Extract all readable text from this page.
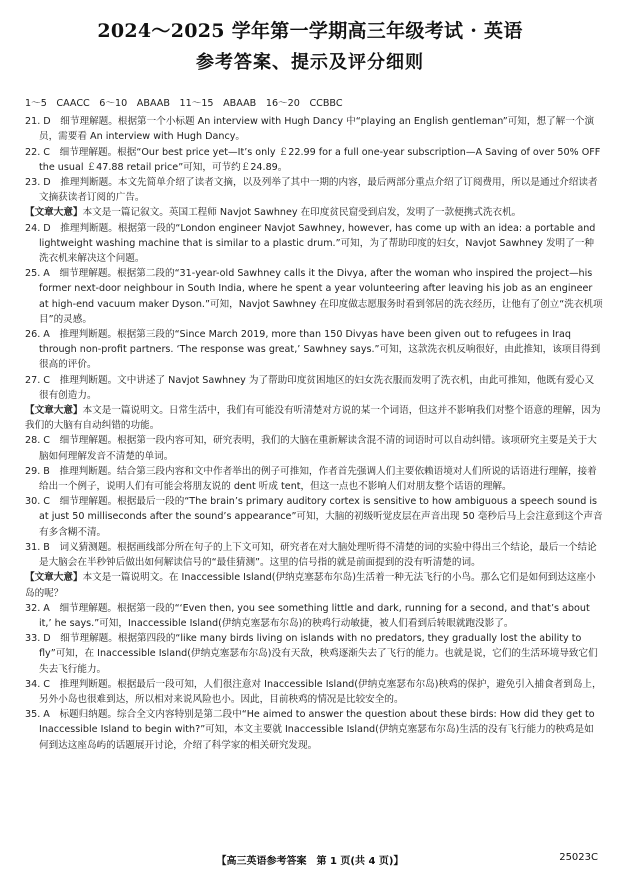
2024～2025 学年第一学期高三年级考试 · 英语
参考答案、提示及评分细则
1～5　CAACC　6～10　ABAAB　11～15　ABAAB　16～20　CCBBC
21. D　细节理解题。根据第一个小标题 An interview with Hugh Dancy 中“playing an English gentleman”可知，想了解一个演员，需要看 An interview with Hugh Dancy。
22. C　细节理解题。根据“Our best price yet—It’s only ￡22.99 for a full one-year subscription—A Saving of over 50% OFF the usual ￡47.88 retail price”可知，可节约￡24.89。
23. D　推理判断题。本文先简单介绍了读者文摘，以及列举了其中一期的内容，最后两部分重点介绍了订阅费用，所以是通过介绍读者文摘获读者订阅的广告。
【文章大意】本文是一篇记叙文。英国工程师 Navjot Sawhney 在印度贫民窟受到启发，发明了一款便携式洗衣机。
24. D　推理判断题。根据第一段的“London engineer Navjot Sawhney, however, has come up with an idea: a portable and lightweight washing machine that is similar to a plastic drum.”可知，为了帮助印度的妇女，Navjot Sawhney 发明了一种洗衣机来解决这个问题。
25. A　细节理解题。根据第二段的“31-year-old Sawhney calls it the Divya, after the woman who inspired the project—his former next-door neighbour in South India, where he spent a year volunteering after leaving his job as an engineer at high-end vacuum maker Dyson.”可知，Navjot Sawhney 在印度做志愿服务时看到邻居的洗衣经历，让他有了创立“洗衣机项目”的灵感。
26. A　推理判断题。根据第三段的“Since March 2019, more than 150 Divyas have been given out to refugees in Iraq through non-profit partners. ‘The response was great,’ Sawhney says.”可知，这款洗衣机反响很好，由此推知，该项目得到很高的评价。
27. C　推理判断题。文中讲述了 Navjot Sawhney 为了帮助印度贫困地区的妇女洗衣服而发明了洗衣机，由此可推知，他既有爱心又很有创造力。
【文章大意】本文是一篇说明文。日常生活中，我们有可能没有听清楚对方说的某一个词语，但这并不影响我们对整个语意的理解，因为我们的大脑有自动纠错的功能。
28. C　细节理解题。根据第一段内容可知，研究表明，我们的大脑在重新解读含混不清的词语时可以自动纠错。该项研究主要是关于大脑如何理解发音不清楚的单词。
29. B　推理判断题。结合第三段内容和文中作者举出的例子可推知，作者首先强调人们主要依赖语境对人们所说的话语进行理解，接着给出一个例子，说明人们有可能会将朋友说的 dent 听成 tent，但这一点也不影响人们对朋友整个话语的理解。
30. C　细节理解题。根据最后一段的“The brain’s primary auditory cortex is sensitive to how ambiguous a speech sound is at just 50 milliseconds after the sound’s appearance”可知，大脑的初级听觉皮层在声音出现 50 毫秒后马上会注意到这个声音有多含糊不清。
31. B　词义猜测题。根据画线部分所在句子的上下文可知，研究者在对大脑处理听得不清楚的词的实验中得出三个结论，最后一个结论是大脑会在半秒钟后做出如何解读信号的“最佳猜测”。这里的信号指的就是前面提到的没有听清楚的词。
【文章大意】本文是一篇说明文。在 Inaccessible Island(伊纳克塞瑟布尔岛)生活着一种无法飞行的小鸟。那么它们是如何到达这座小岛的呢？
32. A　细节理解题。根据第一段的“‘Even then, you see something little and dark, running for a second, and that’s about it,’ he says.”可知，Inaccessible Island(伊纳克塞瑟布尔岛)的秧鸡行动敏捷，被人们看到后转眼就跑没影了。
33. D　细节理解题。根据第四段的“like many birds living on islands with no predators, they gradually lost the ability to fly”可知，在 Inaccessible Island(伊纳克塞瑟布尔岛)没有天敌，秧鸡逐渐失去了飞行的能力。也就是说，它们的生活环境导致它们失去飞行能力。
34. C　推理判断题。根据最后一段可知，人们很注意对 Inaccessible Island(伊纳克塞瑟布尔岛)秧鸡的保护，避免引入捕食者到岛上，另外小岛也很难到达，所以相对来说风险也小。因此，目前秧鸡的情况是比较安全的。
35. A　标题归纳题。综合全文内容特别是第二段中“He aimed to answer the question about these birds: How did they get to Inaccessible Island to begin with?”可知，本文主要就 Inaccessible Island(伊纳克塞瑟布尔岛)生活的没有飞行能力的秧鸡是如何到达这座岛屿的话题展开讨论，介绍了科学家的相关研究发现。
【高三英语参考答案　第 1 页(共 4 页)】	25023C
